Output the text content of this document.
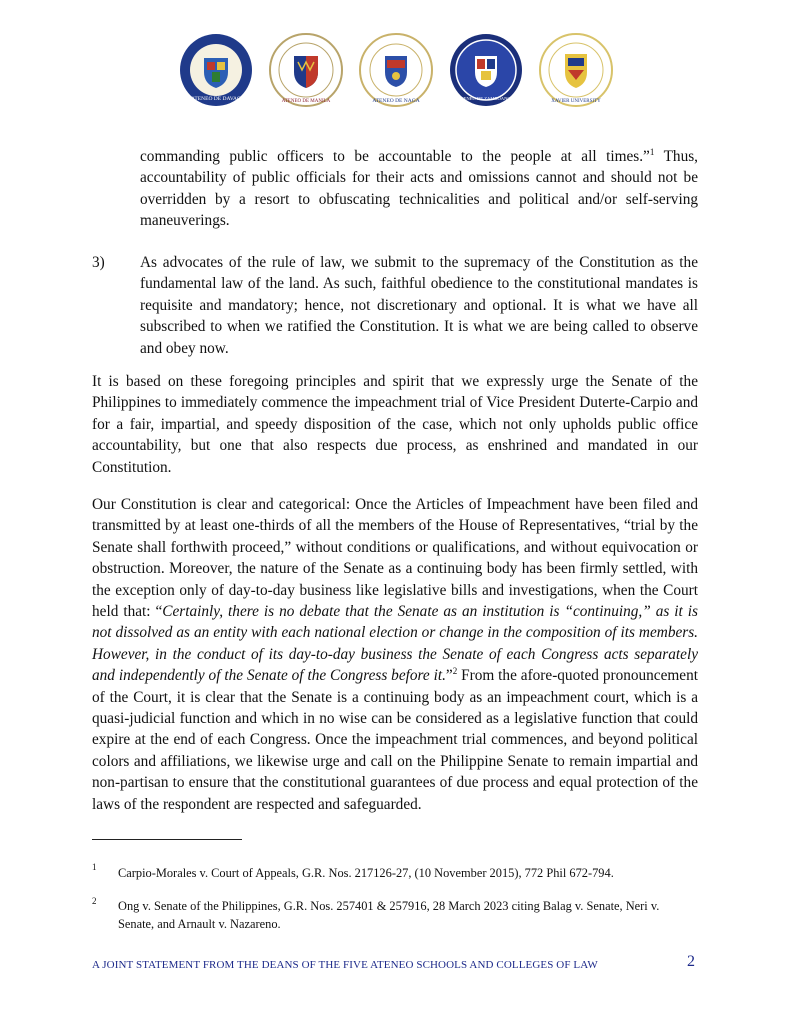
ATENEO DE DAVAO	ATENEO DE MANILA	ATENEO DE NAGA	ATENEO DE ZAMBOANGA
XAVIER UNIVERSITY
commanding public officers to be accountable to the people at all times.”$^1$ Thus, accountability of public officials for their acts and omissions cannot and should not be overridden by a resort to obfuscating technicalities and political and/or self-serving maneuverings.
3) As advocates of the rule of law, we submit to the supremacy of the Constitution as the fundamental law of the land. As such, faithful obedience to the constitutional mandates is requisite and mandatory; hence, not discretionary and optional. It is what we have all subscribed to when we ratified the Constitution. It is what we are being called to observe and obey now.
It is based on these foregoing principles and spirit that we expressly urge the Senate of the Philippines to immediately commence the impeachment trial of Vice President Duterte-Carpio and for a fair, impartial, and speedy disposition of the case, which not only upholds public office accountability, but one that also respects due process, as enshrined and mandated in our Constitution.
Our Constitution is clear and categorical: Once the Articles of Impeachment have been filed and transmitted by at least one-thirds of all the members of the House of Representatives, “trial by the Senate shall forthwith proceed,” without conditions or qualifications, and without equivocation or obstruction. Moreover, the nature of the Senate as a continuing body has been firmly settled, with the exception only of day-to-day business like legislative bills and investigations, when the Court held that: “Certainly, there is no debate that the Senate as an institution is “continuing,” as it is not dissolved as an entity with each national election or change in the composition of its members. However, in the conduct of its day-to-day business the Senate of each Congress acts separately and independently of the Senate of the Congress before it.”$^2$ From the afore-quoted pronouncement of the Court, it is clear that the Senate is a continuing body as an impeachment court, which is a quasi-judicial function and which in no wise can be considered as a legislative function that could expire at the end of each Congress. Once the impeachment trial commences, and beyond political colors and affiliations, we likewise urge and call on the Philippine Senate to remain impartial and non-partisan to ensure that the constitutional guarantees of due process and equal protection of the laws of the respondent are respected and safeguarded.
1 Carpio-Morales v. Court of Appeals, G.R. Nos. 217126-27, (10 November 2015), 772 Phil 672-794.
2 Ong v. Senate of the Philippines, G.R. Nos. 257401 & 257916, 28 March 2023 citing Balag v. Senate, Neri v. Senate, and Arnault v. Nazareno.
A JOINT STATEMENT FROM THE DEANS OF THE FIVE ATENEO SCHOOLS AND COLLEGES OF LAW	2
